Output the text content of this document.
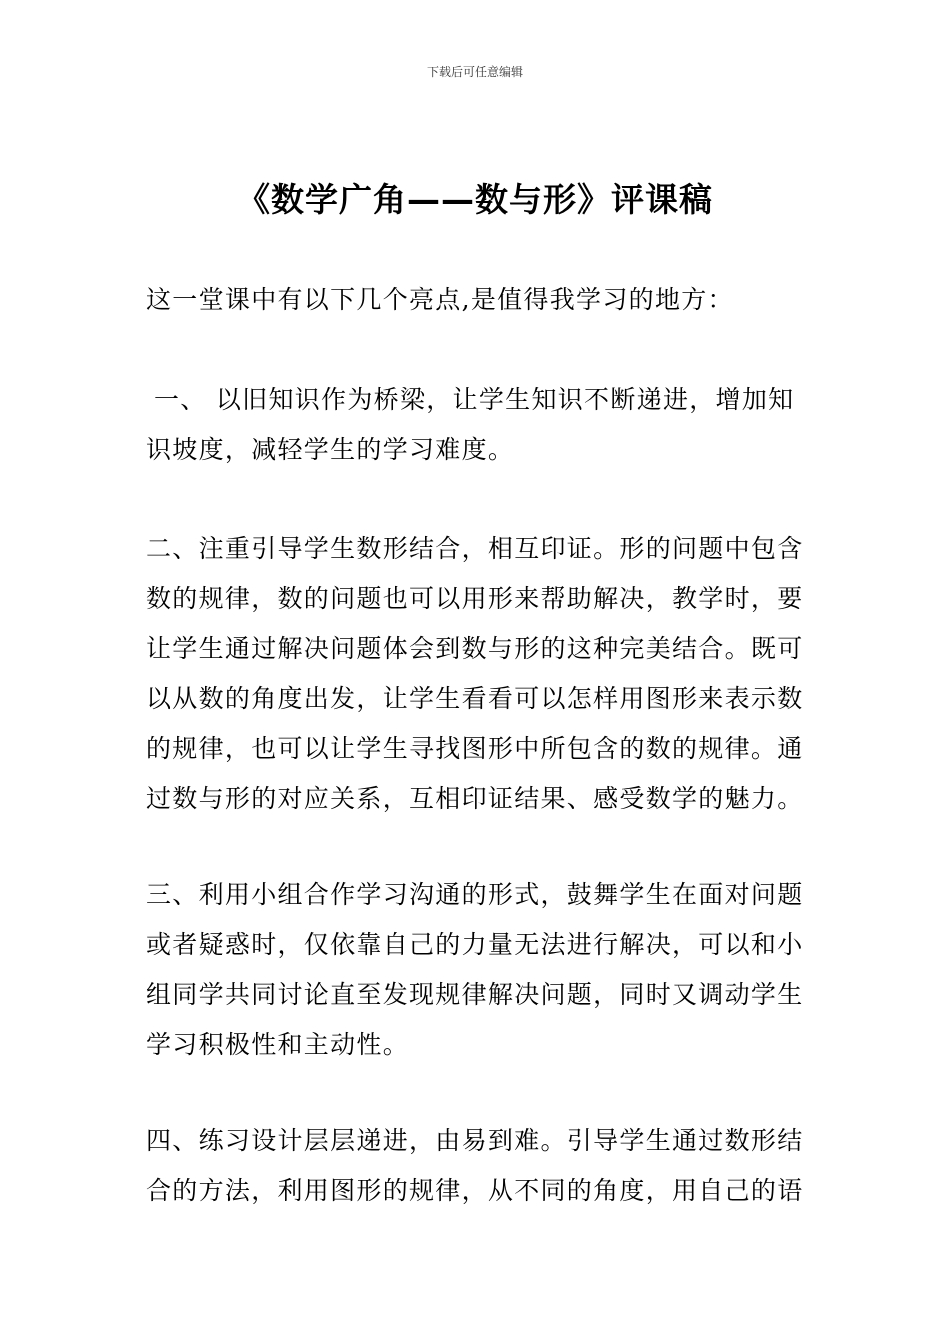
下载后可任意编辑
《数学广角——数与形》评课稿
这一堂课中有以下几个亮点,是值得我学习的地方：

一、 以旧知识作为桥梁，让学生知识不断递进，增加知识坡度，减轻学生的学习难度。

二、注重引导学生数形结合，相互印证。形的问题中包含数的规律，数的问题也可以用形来帮助解决，教学时，要让学生通过解决问题体会到数与形的这种完美结合。既可以从数的角度出发，让学生看看可以怎样用图形来表示数的规律，也可以让学生寻找图形中所包含的数的规律。通过数与形的对应关系，互相印证结果、感受数学的魅力。

三、利用小组合作学习沟通的形式，鼓舞学生在面对问题或者疑惑时，仅依靠自己的力量无法进行解决，可以和小组同学共同讨论直至发现规律解决问题，同时又调动学生学习积极性和主动性。

四、练习设计层层递进，由易到难。引导学生通过数形结合的方法，利用图形的规律，从不同的角度，用自己的语
